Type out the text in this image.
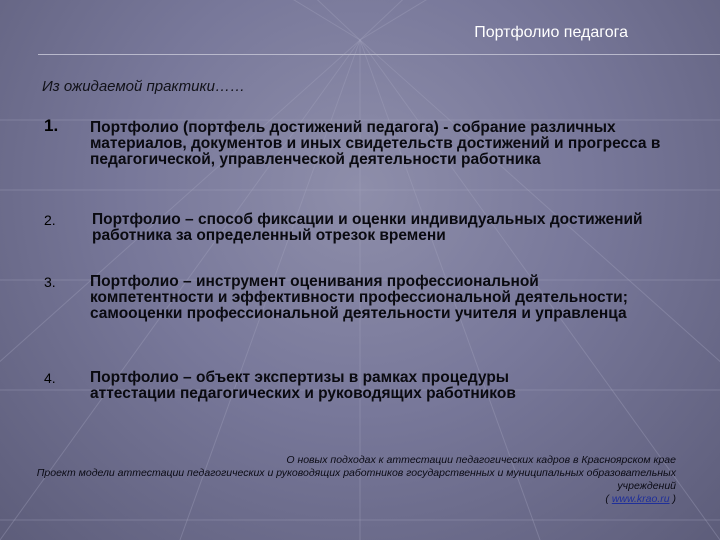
Портфолио педагога
Из ожидаемой практики……
1. Портфолио (портфель достижений педагога) - собрание различных материалов, документов и иных свидетельств достижений и прогресса в педагогической, управленческой деятельности работника
2. Портфолио – способ фиксации и оценки индивидуальных достижений работника за определенный отрезок времени
3. Портфолио – инструмент оценивания профессиональной компетентности и эффективности профессиональной деятельности; самооценки профессиональной деятельности учителя и управленца
4. Портфолио – объект экспертизы в рамках процедуры аттестации педагогических и руководящих работников
О новых подходах к аттестации педагогических кадров в Красноярском крае
Проект модели аттестации педагогических и руководящих работников государственных и муниципальных образовательных учреждений
( www.krao.ru )
